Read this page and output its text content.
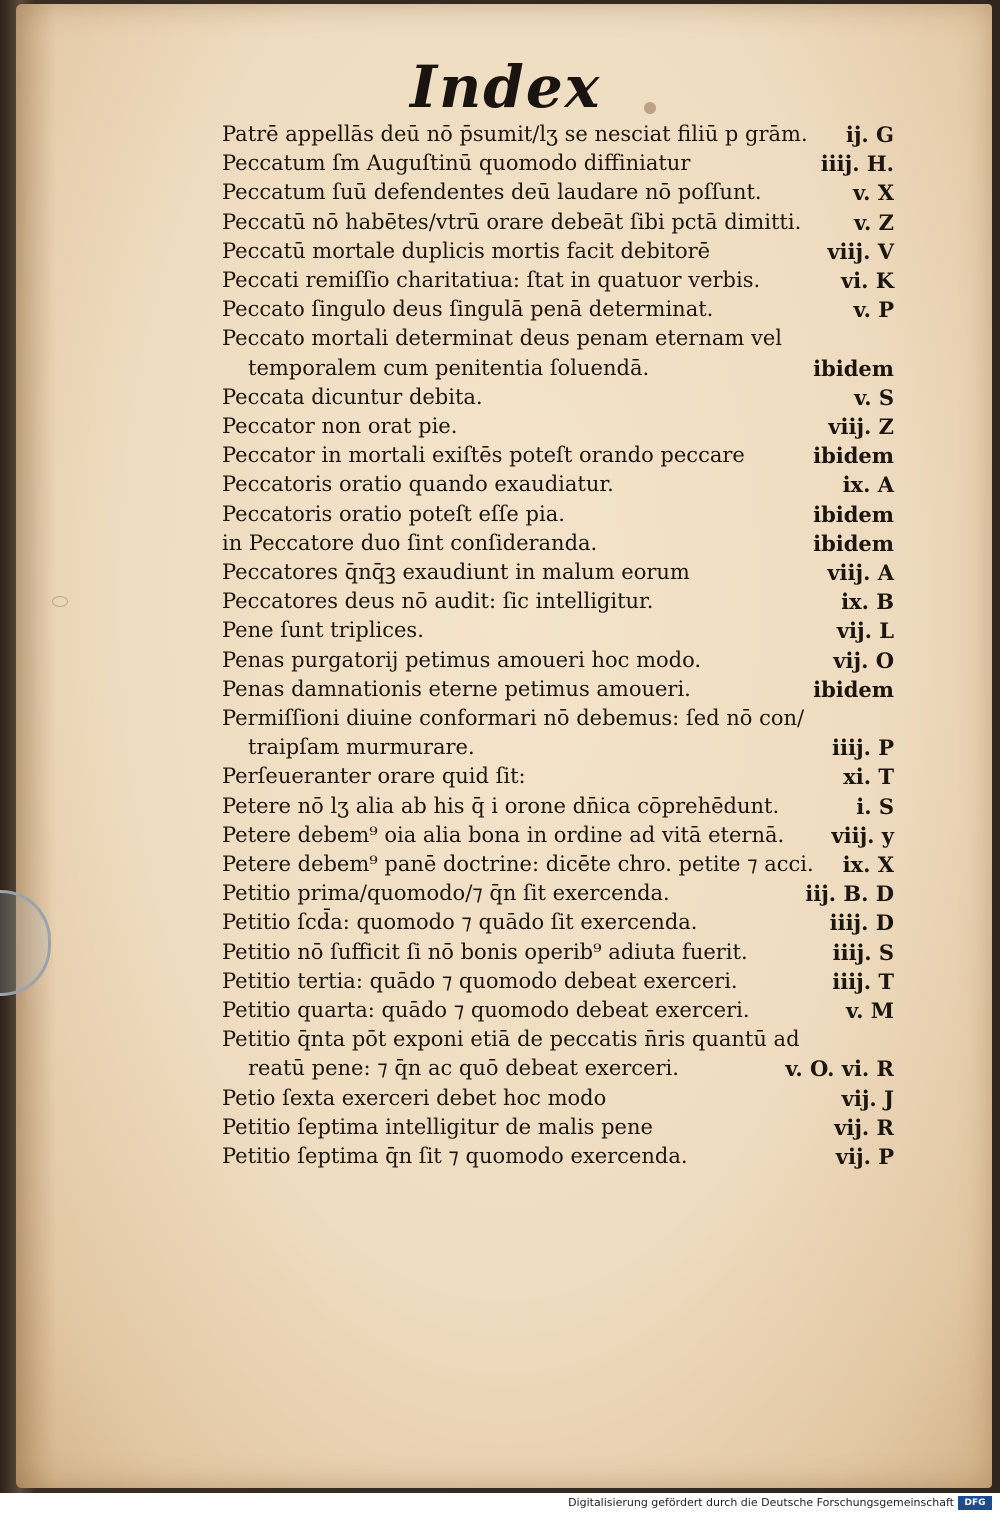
Index
Patrē appellās deū nō p̄sumit/lʒ se nesciat filiū p grām. ij. G
Peccatum ſm Auguſtinū quomodo diffiniatur	iiij. H.
Peccatum ſuū defendentes deū laudare nō poſſunt.	v. X
Peccatū nō habētes/vtrū orare debeāt ſibi pctā dimitti.	v. Z
Peccatū mortale duplicis mortis facit debitorē	viij. V
Peccati remiſſio charitatiua: ſtat in quatuor verbis.	vi. K
Peccato ſingulo deus ſingulā penā determinat.	v. P
Peccato mortali determinat deus penam eternam vel
temporalem cum penitentia ſoluendā.	ibidem
Peccata dicuntur debita.	v. S
Peccator non orat pie.	viij. Z
Peccator in mortali exiſtēs poteſt orando peccare	ibidem
Peccatoris oratio quando exaudiatur.	ix. A
Peccatoris oratio poteſt eſſe pia.	ibidem
in Peccatore duo ſint conſideranda.	ibidem
Peccatores q̄nq̄ꝫ exaudiunt in malum eorum	viij. A
Peccatores deus nō audit: ſic intelligitur.	ix. B
Pene ſunt triplices.	vij. L
Penas purgatorij petimus amoueri hoc modo.	vij. O
Penas damnationis eterne petimus amoueri.	ibidem
Permiſſioni diuine conformari nō debemus: ſed nō con/
traipſam murmurare.	iiij. P
Perſeueranter orare quid ſit:	xi. T
Petere nō lʒ alia ab his q̄ i orone dn̄ica cōprehēdunt.	i. S
Petere debem⁹ oia alia bona in ordine ad vitā eternā. viij. y
Petere debem⁹ panē doctrine: dicēte chro. petite ⁊ acci. ix. X
Petitio prima/quomodo/⁊ q̄n ſit exercenda.	iij. B. D
Petitio ſcd̄a: quomodo ⁊ quādo ſit exercenda.	iiij. D
Petitio nō ſufficit ſi nō bonis operib⁹ adiuta fuerit.	iiij. S
Petitio tertia: quādo ⁊ quomodo debeat exerceri.	iiij. T
Petitio quarta: quādo ⁊ quomodo debeat exerceri.	v. M
Petitio q̄nta pōt exponi etiā de peccatis n̄ris quantū ad
reatū pene: ⁊ q̄n ac quō debeat exerceri.	v. O. vi. R
Petio ſexta exerceri debet hoc modo	vij. J
Petitio ſeptima intelligitur de malis pene	vij. R
Petitio ſeptima q̄n ſit ⁊ quomodo exercenda.	vij. P
Digitalisierung gefördert durch die Deutsche Forschungsgemeinschaft	DFG
